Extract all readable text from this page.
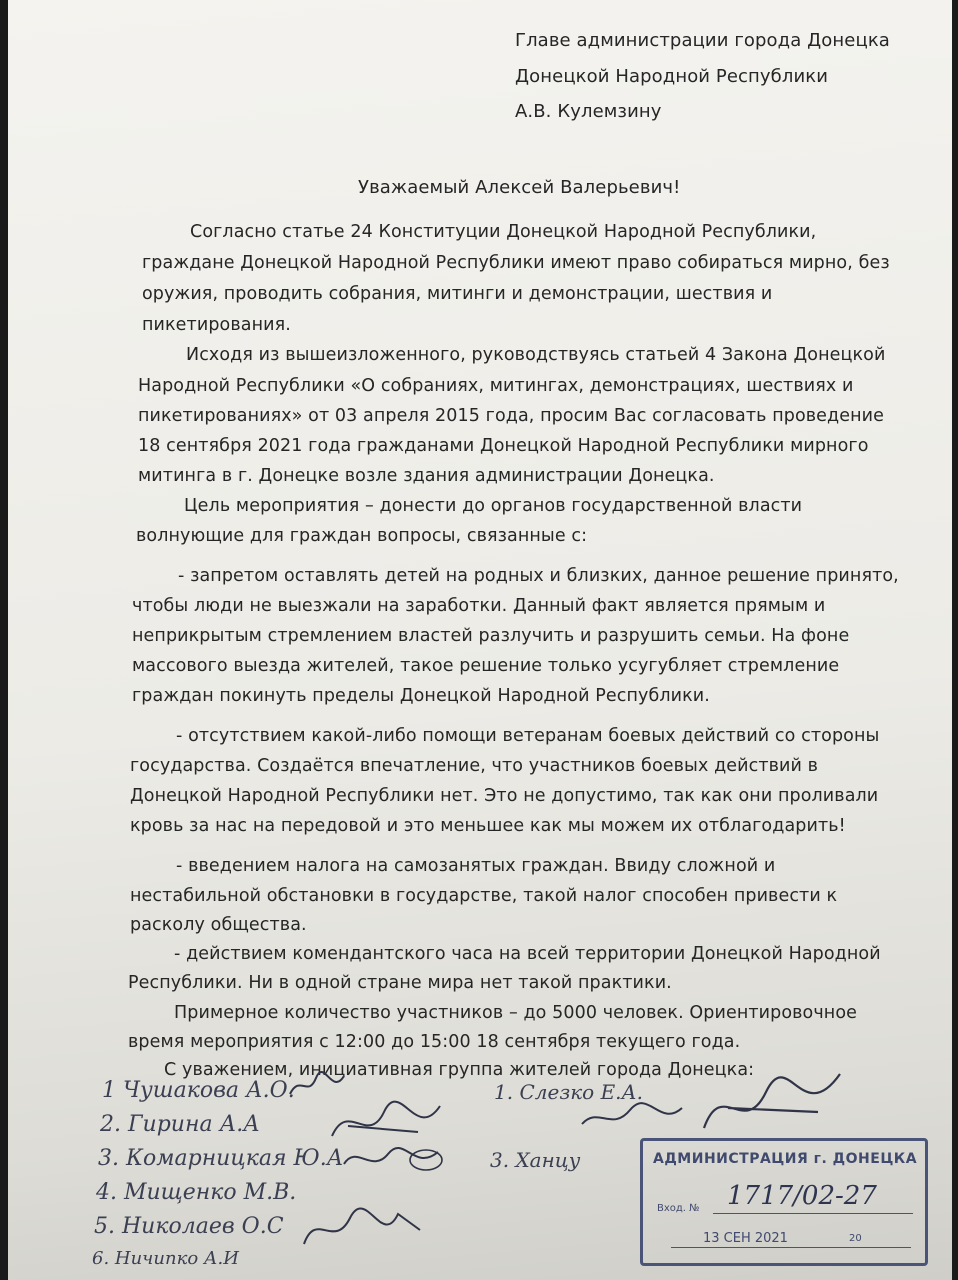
Главе администрации города Донецка
Донецкой Народной Республики
А.В. Кулемзину
Уважаемый Алексей Валерьевич!
Согласно статье 24 Конституции Донецкой Народной Республики,
граждане Донецкой Народной Республики имеют право собираться мирно, без
оружия, проводить собрания, митинги и демонстрации, шествия и
пикетирования.
Исходя из вышеизложенного, руководствуясь статьей 4 Закона Донецкой
Народной Республики «О собраниях, митингах, демонстрациях, шествиях и
пикетированиях» от 03 апреля 2015 года, просим Вас согласовать проведение
18 сентября 2021 года гражданами Донецкой Народной Республики мирного
митинга в г. Донецке возле здания администрации Донецка.
Цель мероприятия – донести до органов государственной власти
волнующие для граждан вопросы, связанные с:
- запретом оставлять детей на родных и близких, данное решение принято,
чтобы люди не выезжали на заработки. Данный факт является прямым и
неприкрытым стремлением властей разлучить и разрушить семьи. На фоне
массового выезда жителей, такое решение только усугубляет стремление
граждан покинуть пределы Донецкой Народной Республики.
- отсутствием какой-либо помощи ветеранам боевых действий со стороны
государства. Создаётся впечатление, что участников боевых действий в
Донецкой Народной Республики нет. Это не допустимо, так как они проливали
кровь за нас на передовой и это меньшее как мы можем их отблагодарить!
- введением налога на самозанятых граждан. Ввиду сложной и
нестабильной обстановки в государстве, такой налог способен привести к
расколу общества.
- действием комендантского часа на всей территории Донецкой Народной
Республики. Ни в одной стране мира нет такой практики.
Примерное количество участников – до 5000 человек. Ориентировочное
время мероприятия с 12:00 до 15:00 18 сентября текущего года.
С уважением, инициативная группа жителей города Донецка:
1 Чушакова А.О.
2. Гирина А.А
3. Комарницкая Ю.А
4. Мищенко М.В.
5. Николаев О.С
6. Ничипко А.И
1. Слезко Е.А.
3. Ханцу	АДМИНИСТРАЦИЯ г. ДОНЕЦКА
Вход. № 1717/02-27
13 СЕН 2021	20
